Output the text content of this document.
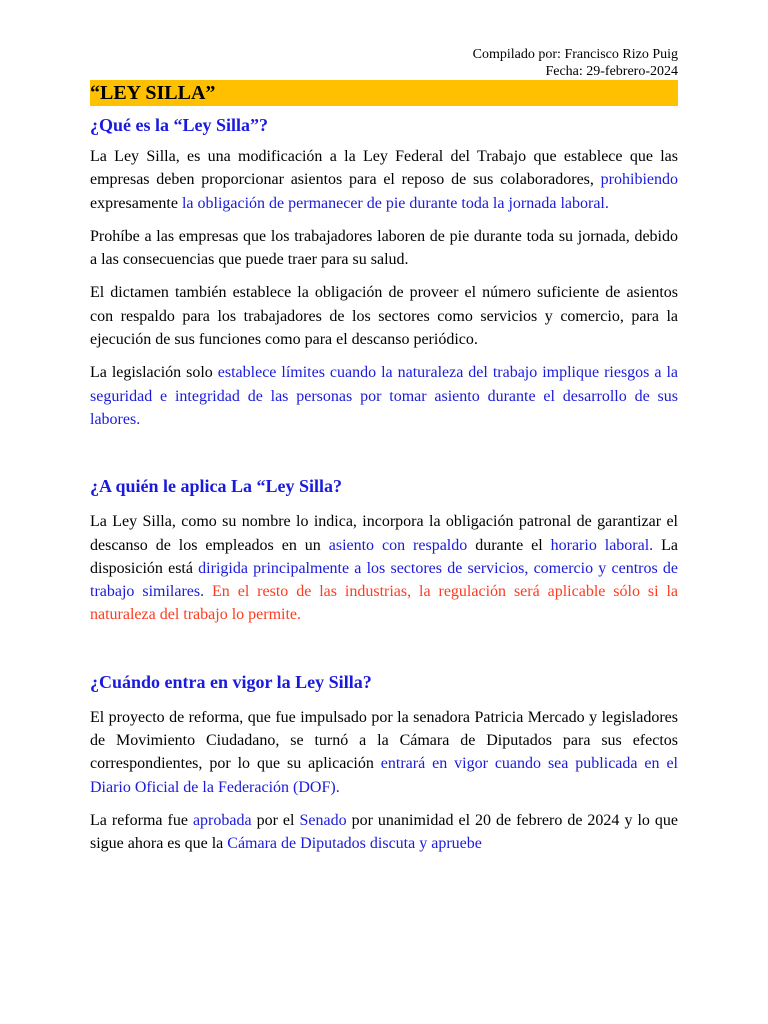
Compilado por: Francisco Rizo Puig
Fecha: 29-febrero-2024
“LEY SILLA”
¿Qué es la “Ley Silla”?

La Ley Silla, es una modificación a la Ley Federal del Trabajo que establece que las empresas deben proporcionar asientos para el reposo de sus colaboradores, prohibiendo expresamente la obligación de permanecer de pie durante toda la jornada laboral.

Prohíbe a las empresas que los trabajadores laboren de pie durante toda su jornada, debido a las consecuencias que puede traer para su salud.

El dictamen también establece la obligación de proveer el número suficiente de asientos con respaldo para los trabajadores de los sectores como servicios y comercio, para la ejecución de sus funciones como para el descanso periódico.

La legislación solo establece límites cuando la naturaleza del trabajo implique riesgos a la seguridad e integridad de las personas por tomar asiento durante el desarrollo de sus labores.

¿A quién le aplica La “Ley Silla?

La Ley Silla, como su nombre lo indica, incorpora la obligación patronal de garantizar el descanso de los empleados en un asiento con respaldo durante el horario laboral. La disposición está dirigida principalmente a los sectores de servicios, comercio y centros de trabajo similares. En el resto de las industrias, la regulación será aplicable sólo si la naturaleza del trabajo lo permite.

¿Cuándo entra en vigor la Ley Silla?

El proyecto de reforma, que fue impulsado por la senadora Patricia Mercado y legisladores de Movimiento Ciudadano, se turnó a la Cámara de Diputados para sus efectos correspondientes, por lo que su aplicación entrará en vigor cuando sea publicada en el Diario Oficial de la Federación (DOF).

La reforma fue aprobada por el Senado por unanimidad el 20 de febrero de 2024 y lo que sigue ahora es que la Cámara de Diputados discuta y apruebe
